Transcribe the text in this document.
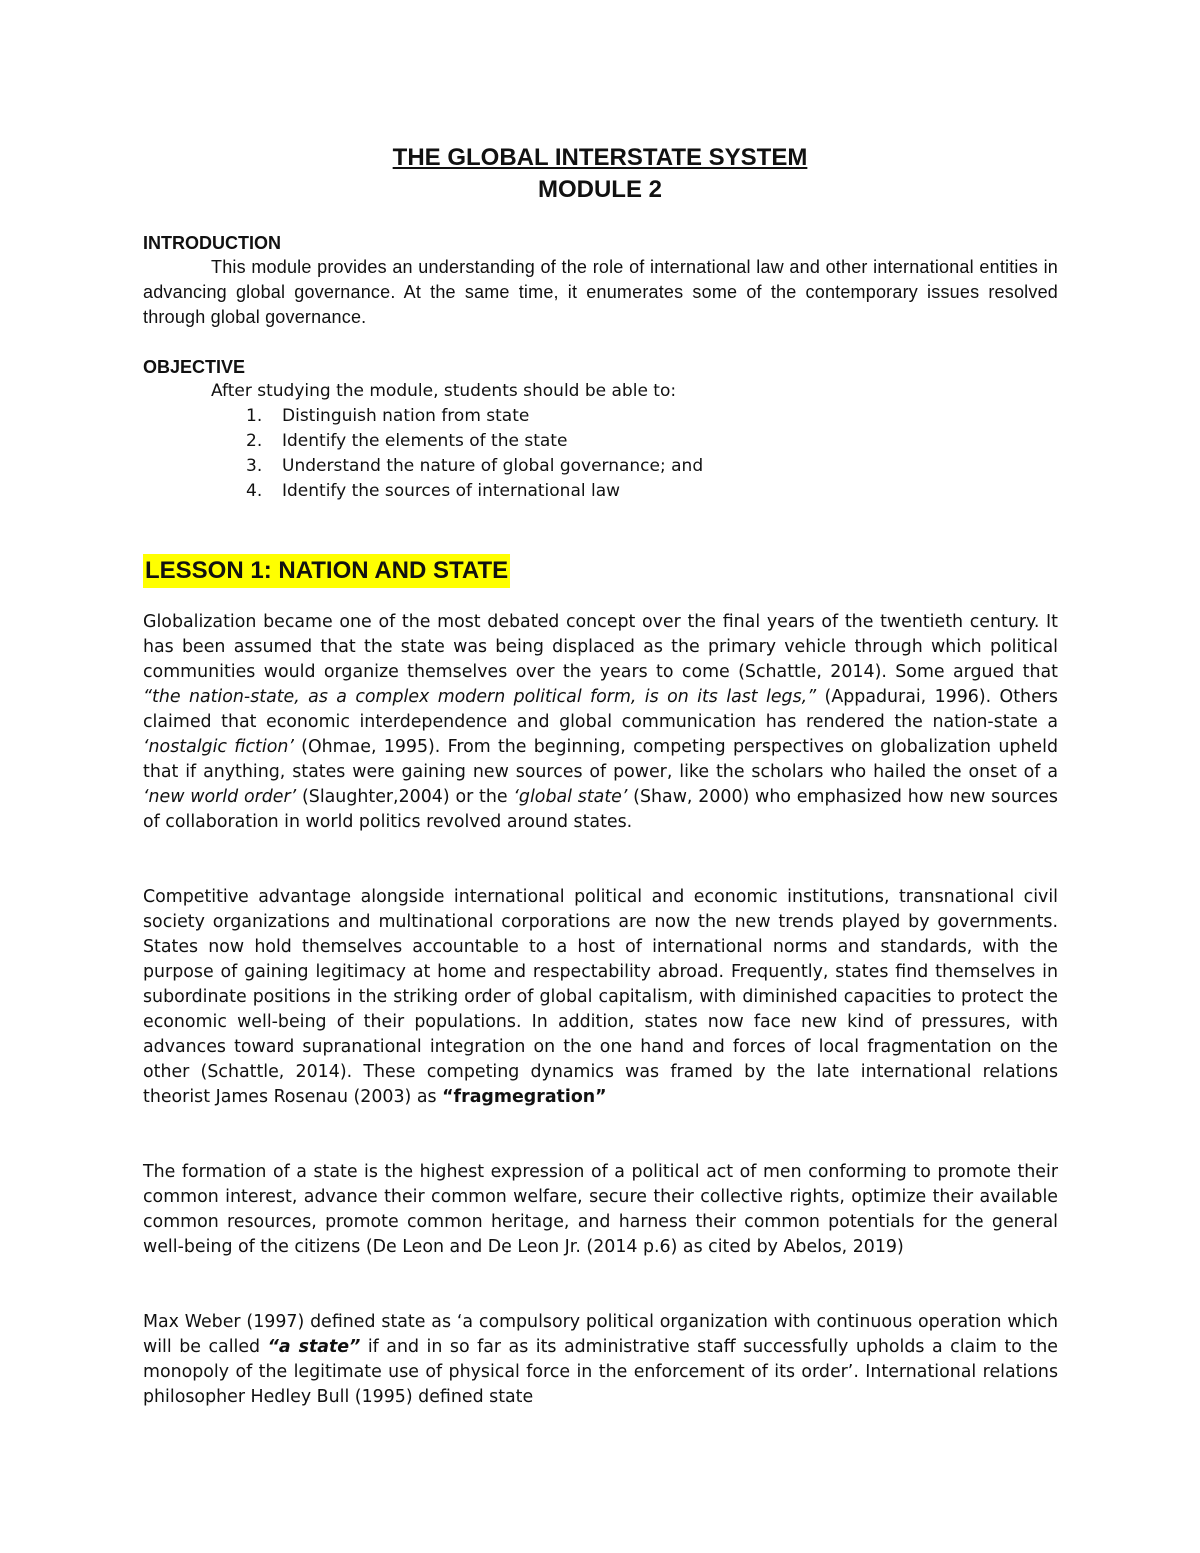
THE GLOBAL INTERSTATE SYSTEM

MODULE 2

INTRODUCTION

This module provides an understanding of the role of international law and other international entities in advancing global governance. At the same time, it enumerates some of the contemporary issues resolved through global governance.

OBJECTIVE

After studying the module, students should be able to:

1. Distinguish nation from state
2. Identify the elements of the state
3. Understand the nature of global governance; and
4. Identify the sources of international law
LESSON 1: NATION AND STATE

Globalization became one of the most debated concept over the final years of the twentieth century. It has been assumed that the state was being displaced as the primary vehicle through which political communities would organize themselves over the years to come (Schattle, 2014). Some argued that “the nation-state, as a complex modern political form, is on its last legs,” (Appadurai, 1996). Others claimed that economic interdependence and global communication has rendered the nation-state a ‘nostalgic fiction’ (Ohmae, 1995). From the beginning, competing perspectives on globalization upheld that if anything, states were gaining new sources of power, like the scholars who hailed the onset of a ‘new world order’ (Slaughter,2004) or the ‘global state’ (Shaw, 2000) who emphasized how new sources of collaboration in world politics revolved around states.

Competitive advantage alongside international political and economic institutions, transnational civil society organizations and multinational corporations are now the new trends played by governments. States now hold themselves accountable to a host of international norms and standards, with the purpose of gaining legitimacy at home and respectability abroad. Frequently, states find themselves in subordinate positions in the striking order of global capitalism, with diminished capacities to protect the economic well-being of their populations. In addition, states now face new kind of pressures, with advances toward supranational integration on the one hand and forces of local fragmentation on the other (Schattle, 2014). These competing dynamics was framed by the late international relations theorist James Rosenau (2003) as “fragmegration”

The formation of a state is the highest expression of a political act of men conforming to promote their common interest, advance their common welfare, secure their collective rights, optimize their available common resources, promote common heritage, and harness their common potentials for the general well-being of the citizens (De Leon and De Leon Jr. (2014 p.6) as cited by Abelos, 2019)

Max Weber (1997) defined state as ‘a compulsory political organization with continuous operation which will be called “a state” if and in so far as its administrative staff successfully upholds a claim to the monopoly of the legitimate use of physical force in the enforcement of its order’. International relations philosopher Hedley Bull (1995) defined state
